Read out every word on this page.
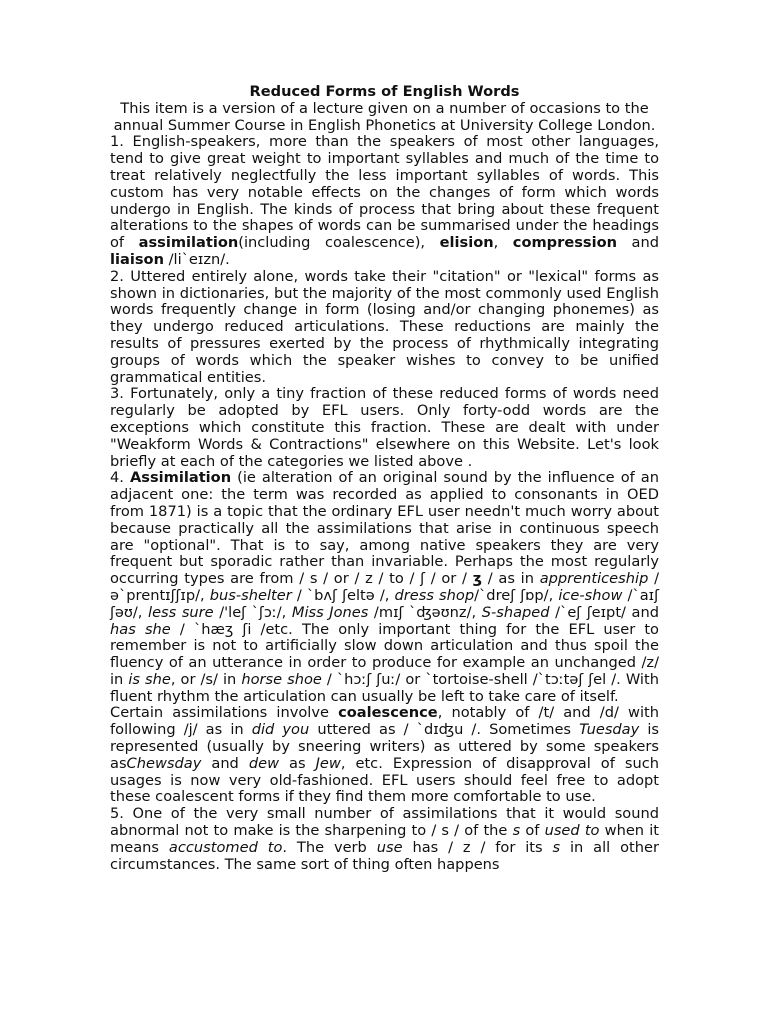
Reduced Forms of English Words

This item is a version of a lecture given on a number of occasions to the annual Summer Course in English Phonetics at University College London.

1. English-speakers, more than the speakers of most other languages, tend to give great weight to important syllables and much of the time to treat relatively neglectfully the less important syllables of words. This custom has very notable effects on the changes of form which words undergo in English. The kinds of process that bring about these frequent alterations to the shapes of words can be summarised under the headings of assimilation(including coalescence), elision, compression and liaison /li`eɪzn/.

2. Uttered entirely alone, words take their "citation" or "lexical" forms as shown in dictionaries, but the majority of the most commonly used English words frequently change in form (losing and/or changing phonemes) as they undergo reduced articulations. These reductions are mainly the results of pressures exerted by the process of rhythmically integrating groups of words which the speaker wishes to convey to be unified grammatical entities.

3. Fortunately, only a tiny fraction of these reduced forms of words need regularly be adopted by EFL users. Only forty-odd words are the exceptions which constitute this fraction. These are dealt with under "Weakform Words & Contractions" elsewhere on this Website. Let's look briefly at each of the categories we listed above .

4. Assimilation (ie alteration of an original sound by the influence of an adjacent one: the term was recorded as applied to consonants in OED from 1871) is a topic that the ordinary EFL user needn't much worry about because practically all the assimilations that arise in continuous speech are "optional". That is to say, among native speakers they are very frequent but sporadic rather than invariable. Perhaps the most regularly occurring types are from / s / or / z / to / ʃ / or / ʒ / as in apprenticeship /ə`prentɪʃʃɪp/, bus-shelter / `bʌʃ ʃeltə /, dress shop/`dreʃ ʃɒp/, ice-show /`aɪʃ ʃəʊ/, less sure /'leʃ `ʃɔː/, Miss Jones /mɪʃ `ʤəʊnz/, S-shaped /`eʃ ʃeɪpt/ and has she / `hæʒ ʃi /etc. The only important thing for the EFL user to remember is not to artificially slow down articulation and thus spoil the fluency of an utterance in order to produce for example an unchanged /z/ in is she, or /s/ in horse shoe / `hɔːʃ ʃuː/ or `tortoise-shell /`tɔːtəʃ ʃel /. With fluent rhythm the articulation can usually be left to take care of itself.

Certain assimilations involve coalescence, notably of /t/ and /d/ with following /j/ as in did you uttered as / `dɪʤu /. Sometimes Tuesday is represented (usually by sneering writers) as uttered by some speakers asChewsday and dew as Jew, etc. Expression of disapproval of such usages is now very old-fashioned. EFL users should feel free to adopt these coalescent forms if they find them more comfortable to use.

5. One of the very small number of assimilations that it would sound abnormal not to make is the sharpening to / s / of the s of used to when it means accustomed to. The verb use has / z / for its s in all other circumstances. The same sort of thing often happens
